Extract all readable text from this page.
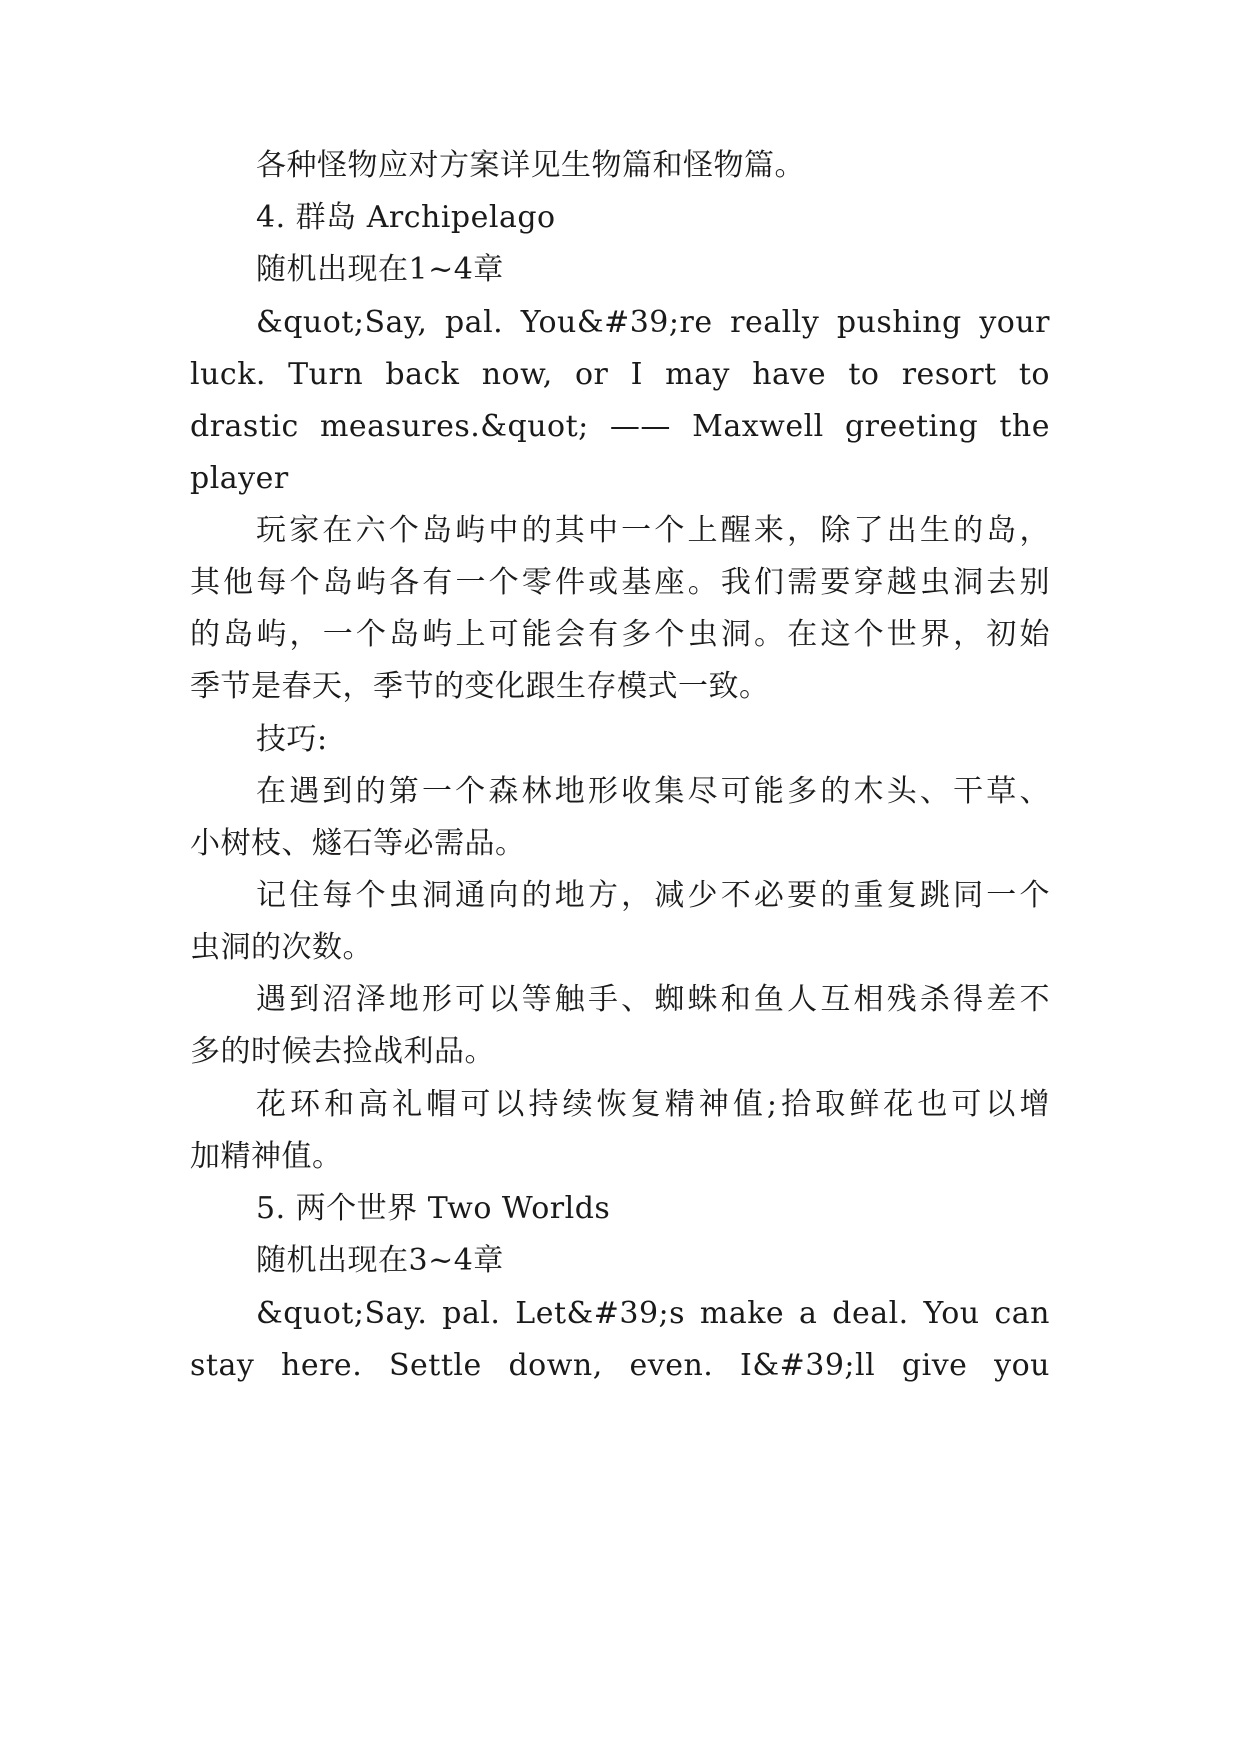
各种怪物应对方案详见生物篇和怪物篇。
4. 群岛 Archipelago
随机出现在1~4章
&quot;Say, pal. You&#39;re really pushing your
luck. Turn back now, or I may have to resort to
drastic measures.&quot; —— Maxwell greeting the
player
玩家在六个岛屿中的其中一个上醒来，除了出生的岛，
其他每个岛屿各有一个零件或基座。我们需要穿越虫洞去别
的岛屿，一个岛屿上可能会有多个虫洞。在这个世界，初始
季节是春天，季节的变化跟生存模式一致。
技巧:
在遇到的第一个森林地形收集尽可能多的木头、干草、
小树枝、燧石等必需品。
记住每个虫洞通向的地方，减少不必要的重复跳同一个
虫洞的次数。
遇到沼泽地形可以等触手、蜘蛛和鱼人互相残杀得差不
多的时候去捡战利品。
花环和高礼帽可以持续恢复精神值;拾取鲜花也可以增
加精神值。
5. 两个世界 Two Worlds
随机出现在3~4章
&quot;Say. pal. Let&#39;s make a deal. You can
stay here. Settle down, even. I&#39;ll give you
